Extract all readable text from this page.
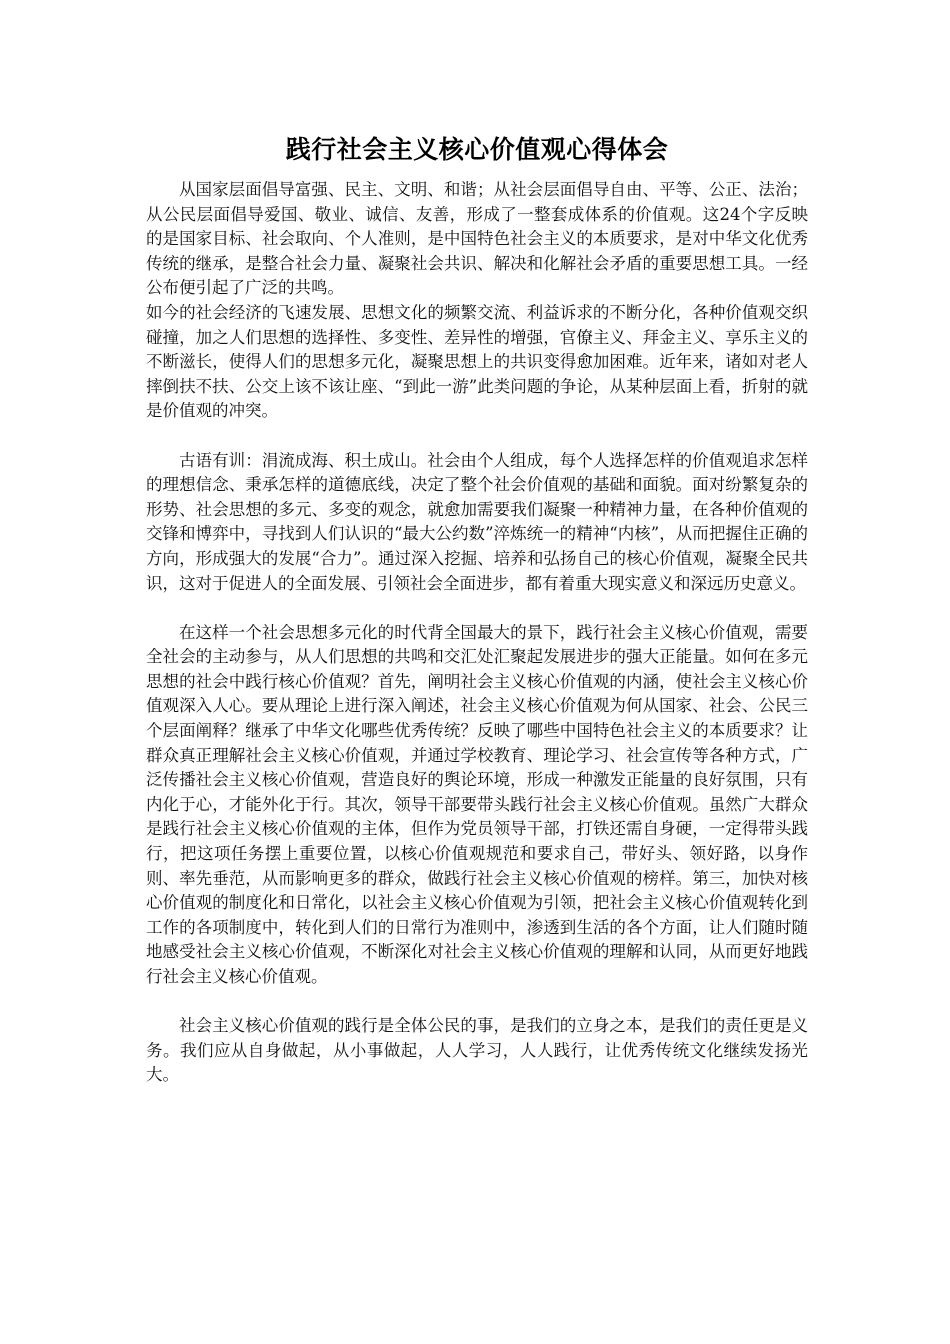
践行社会主义核心价值观心得体会

从国家层面倡导富强、民主、文明、和谐；从社会层面倡导自由、平等、公正、法治；从公民层面倡导爱国、敬业、诚信、友善，形成了一整套成体系的价值观。这24个字反映的是国家目标、社会取向、个人准则，是中国特色社会主义的本质要求，是对中华文化优秀传统的继承，是整合社会力量、凝聚社会共识、解决和化解社会矛盾的重要思想工具。一经公布便引起了广泛的共鸣。

如今的社会经济的飞速发展、思想文化的频繁交流、利益诉求的不断分化，各种价值观交织碰撞，加之人们思想的选择性、多变性、差异性的增强，官僚主义、拜金主义、享乐主义的不断滋长，使得人们的思想多元化，凝聚思想上的共识变得愈加困难。近年来，诸如对老人摔倒扶不扶、公交上该不该让座、“到此一游”此类问题的争论，从某种层面上看，折射的就是价值观的冲突。

古语有训：涓流成海、积土成山。社会由个人组成，每个人选择怎样的价值观追求怎样的理想信念、秉承怎样的道德底线，决定了整个社会价值观的基础和面貌。面对纷繁复杂的形势、社会思想的多元、多变的观念，就愈加需要我们凝聚一种精神力量，在各种价值观的交锋和博弈中，寻找到人们认识的“最大公约数”淬炼统一的精神“内核”，从而把握住正确的方向，形成强大的发展“合力”。通过深入挖掘、培养和弘扬自己的核心价值观，凝聚全民共识，这对于促进人的全面发展、引领社会全面进步，都有着重大现实意义和深远历史意义。

在这样一个社会思想多元化的时代背全国最大的景下，践行社会主义核心价值观，需要全社会的主动参与，从人们思想的共鸣和交汇处汇聚起发展进步的强大正能量。如何在多元思想的社会中践行核心价值观？首先，阐明社会主义核心价值观的内涵，使社会主义核心价值观深入人心。要从理论上进行深入阐述，社会主义核心价值观为何从国家、社会、公民三个层面阐释？继承了中华文化哪些优秀传统？反映了哪些中国特色社会主义的本质要求？让群众真正理解社会主义核心价值观，并通过学校教育、理论学习、社会宣传等各种方式，广泛传播社会主义核心价值观，营造良好的舆论环境，形成一种激发正能量的良好氛围，只有内化于心，才能外化于行。其次，领导干部要带头践行社会主义核心价值观。虽然广大群众是践行社会主义核心价值观的主体，但作为党员领导干部，打铁还需自身硬，一定得带头践行，把这项任务摆上重要位置，以核心价值观规范和要求自己，带好头、领好路，以身作则、率先垂范，从而影响更多的群众，做践行社会主义核心价值观的榜样。第三，加快对核心价值观的制度化和日常化，以社会主义核心价值观为引领，把社会主义核心价值观转化到工作的各项制度中，转化到人们的日常行为准则中，渗透到生活的各个方面，让人们随时随地感受社会主义核心价值观，不断深化对社会主义核心价值观的理解和认同，从而更好地践行社会主义核心价值观。

社会主义核心价值观的践行是全体公民的事，是我们的立身之本，是我们的责任更是义务。我们应从自身做起，从小事做起，人人学习，人人践行，让优秀传统文化继续发扬光大。
